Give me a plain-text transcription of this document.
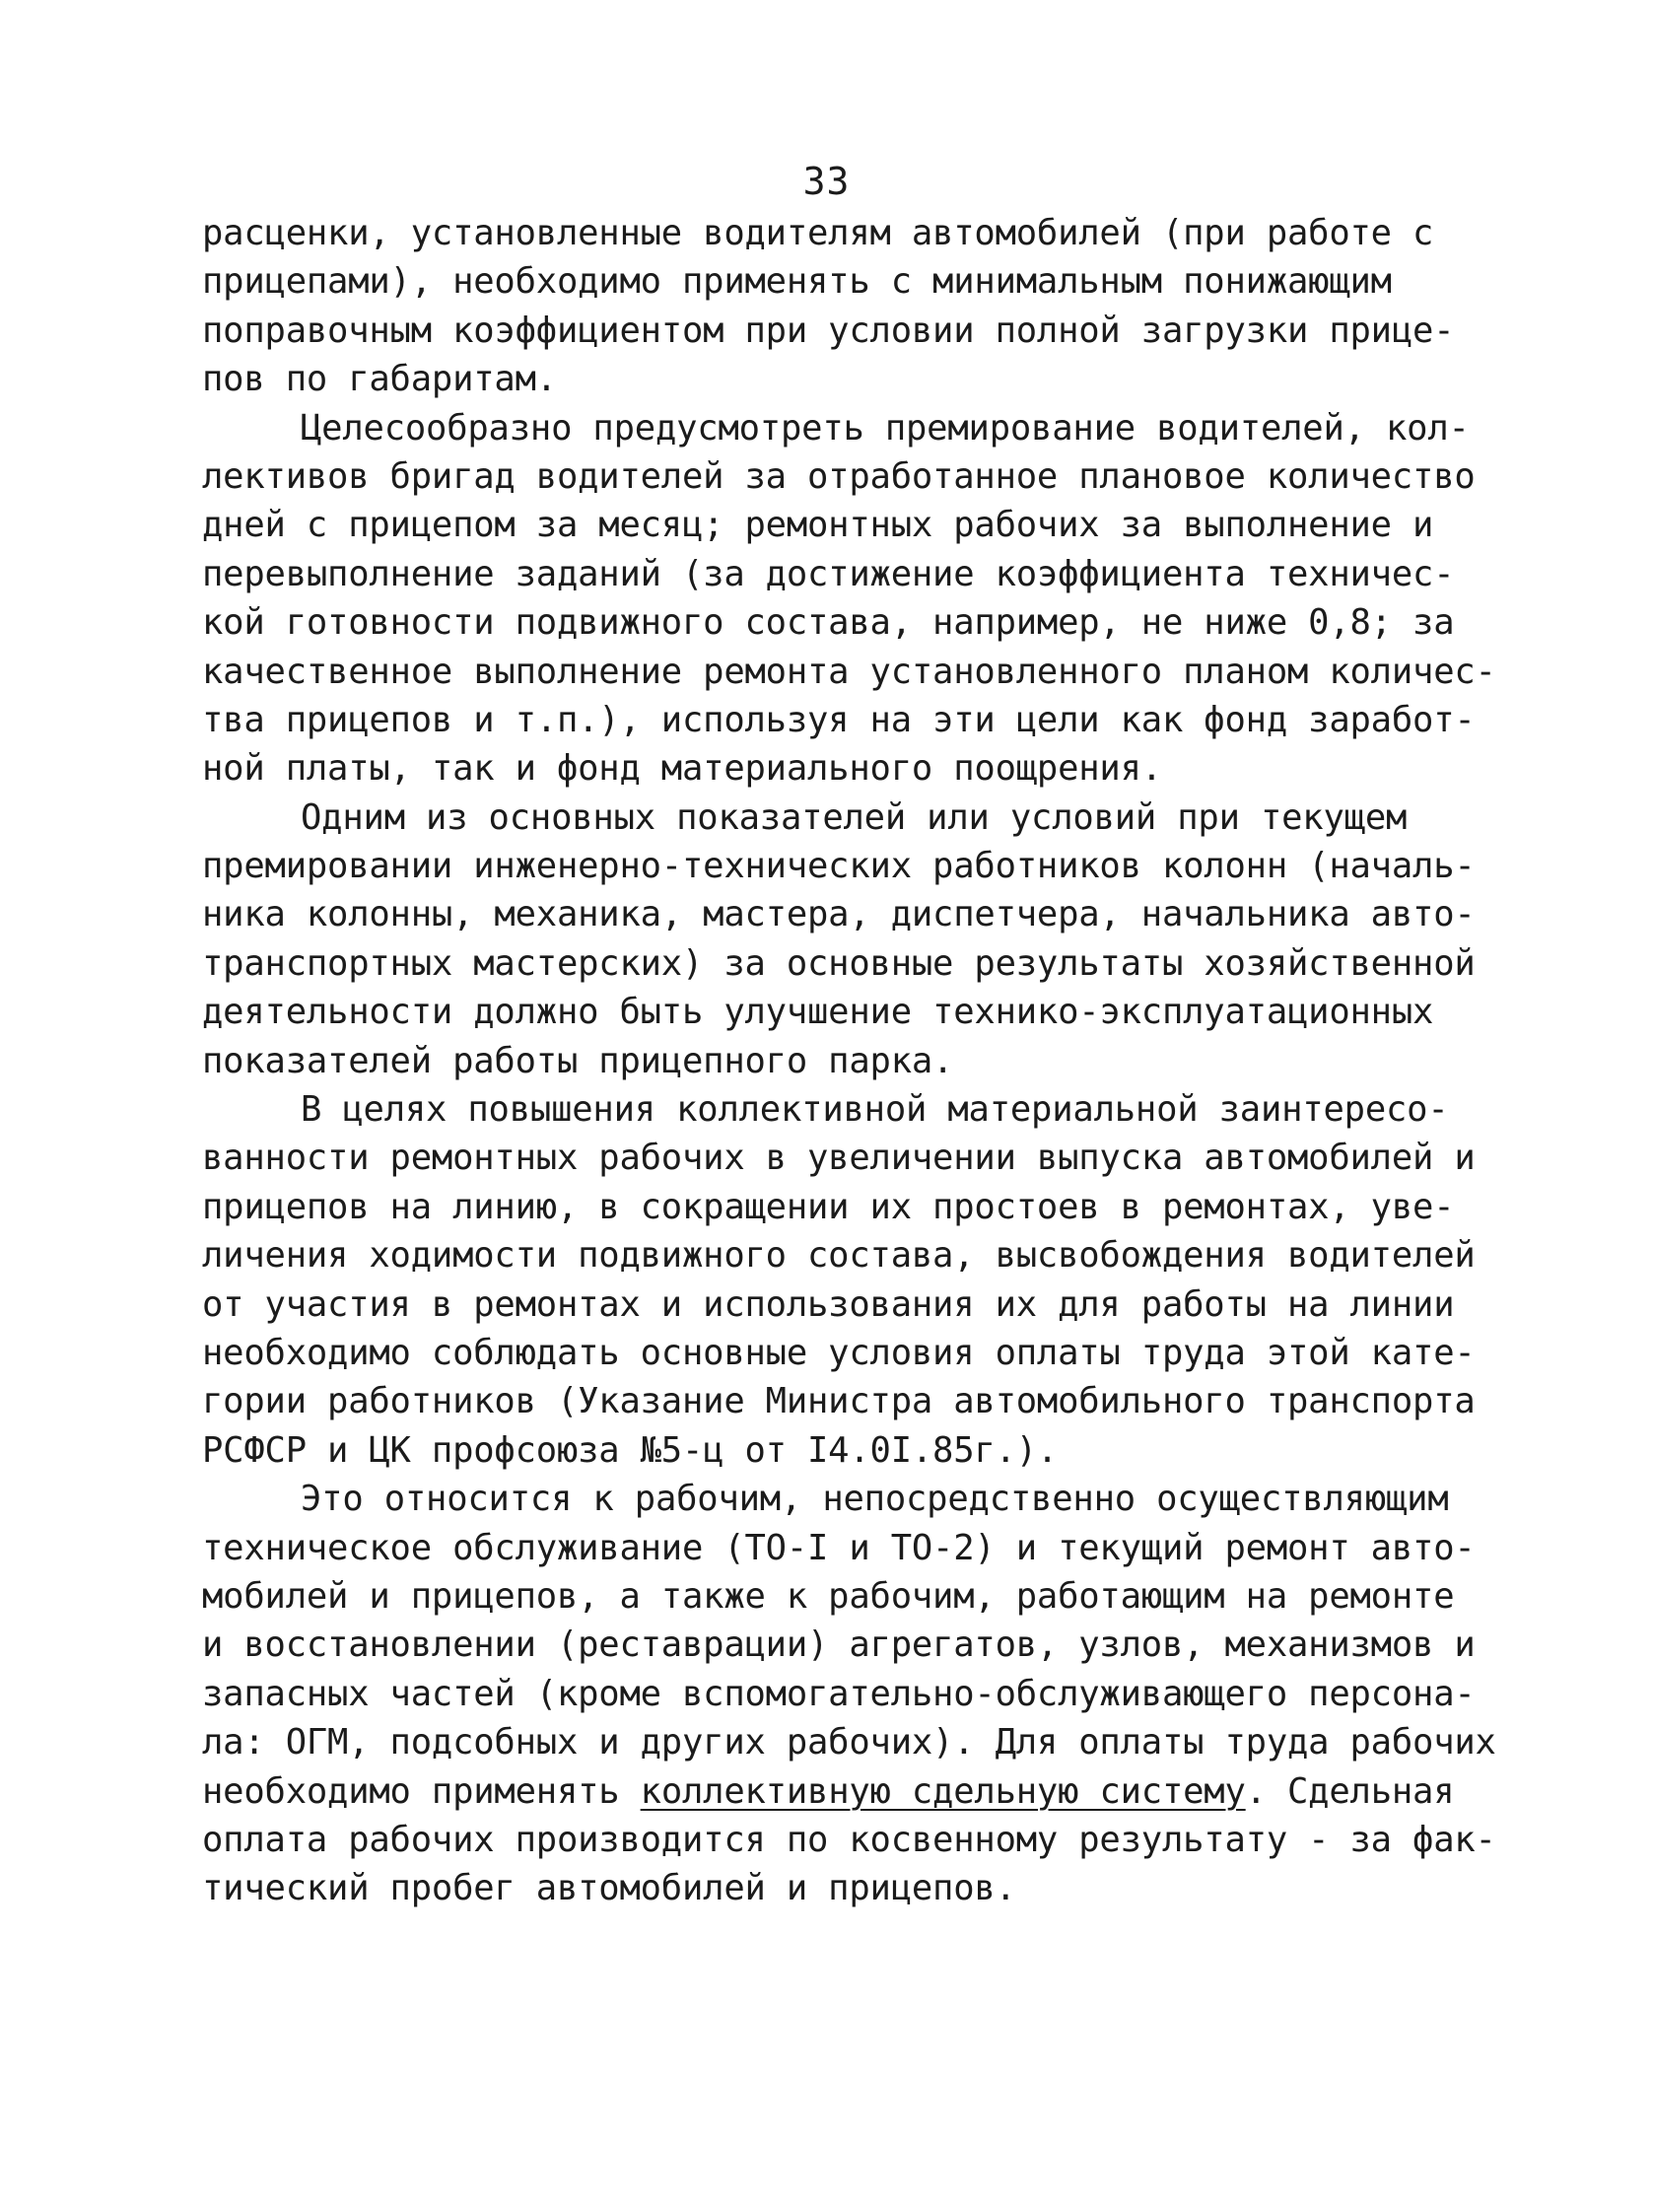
33
расценки, установленные водителям автомобилей (при работе с
прицепами), необходимо применять с минимальным понижающим
поправочным коэффициентом при условии полной загрузки прице-
пов по габаритам.
Целесообразно предусмотреть премирование водителей, кол-
лективов бригад водителей за отработанное плановое количество
дней с прицепом за месяц; ремонтных рабочих за выполнение и
перевыполнение заданий (за достижение коэффициента техничес-
кой готовности подвижного состава, например, не ниже 0,8; за
качественное выполнение ремонта установленного планом количес-
тва прицепов и т.п.), используя на эти цели как фонд заработ-
ной платы, так и фонд материального поощрения.
Одним из основных показателей или условий при текущем
премировании инженерно-технических работников колонн (началь-
ника колонны, механика, мастера, диспетчера, начальника авто-
транспортных мастерских) за основные результаты хозяйственной
деятельности должно быть улучшение технико-эксплуатационных
показателей работы прицепного парка.
В целях повышения коллективной материальной заинтересо-
ванности ремонтных рабочих в увеличении выпуска автомобилей и
прицепов на линию, в сокращении их простоев в ремонтах, уве-
личения ходимости подвижного состава, высвобождения водителей
от участия в ремонтах и использования их для работы на линии
необходимо соблюдать основные условия оплаты труда этой кате-
гории работников (Указание Министра автомобильного транспорта
РСФСР и ЦК профсоюза №5-ц от I4.0I.85г.).
Это относится к рабочим, непосредственно осуществляющим
техническое обслуживание (ТО-I и ТО-2) и текущий ремонт авто-
мобилей и прицепов, а также к рабочим, работающим на ремонте
и восстановлении (реставрации) агрегатов, узлов, механизмов и
запасных частей (кроме вспомогательно-обслуживающего персона-
ла: ОГМ, подсобных и других рабочих). Для оплаты труда рабочих
необходимо применять коллективную сдельную систему. Сдельная
оплата рабочих производится по косвенному результату - за фак-
тический пробег автомобилей и прицепов.
